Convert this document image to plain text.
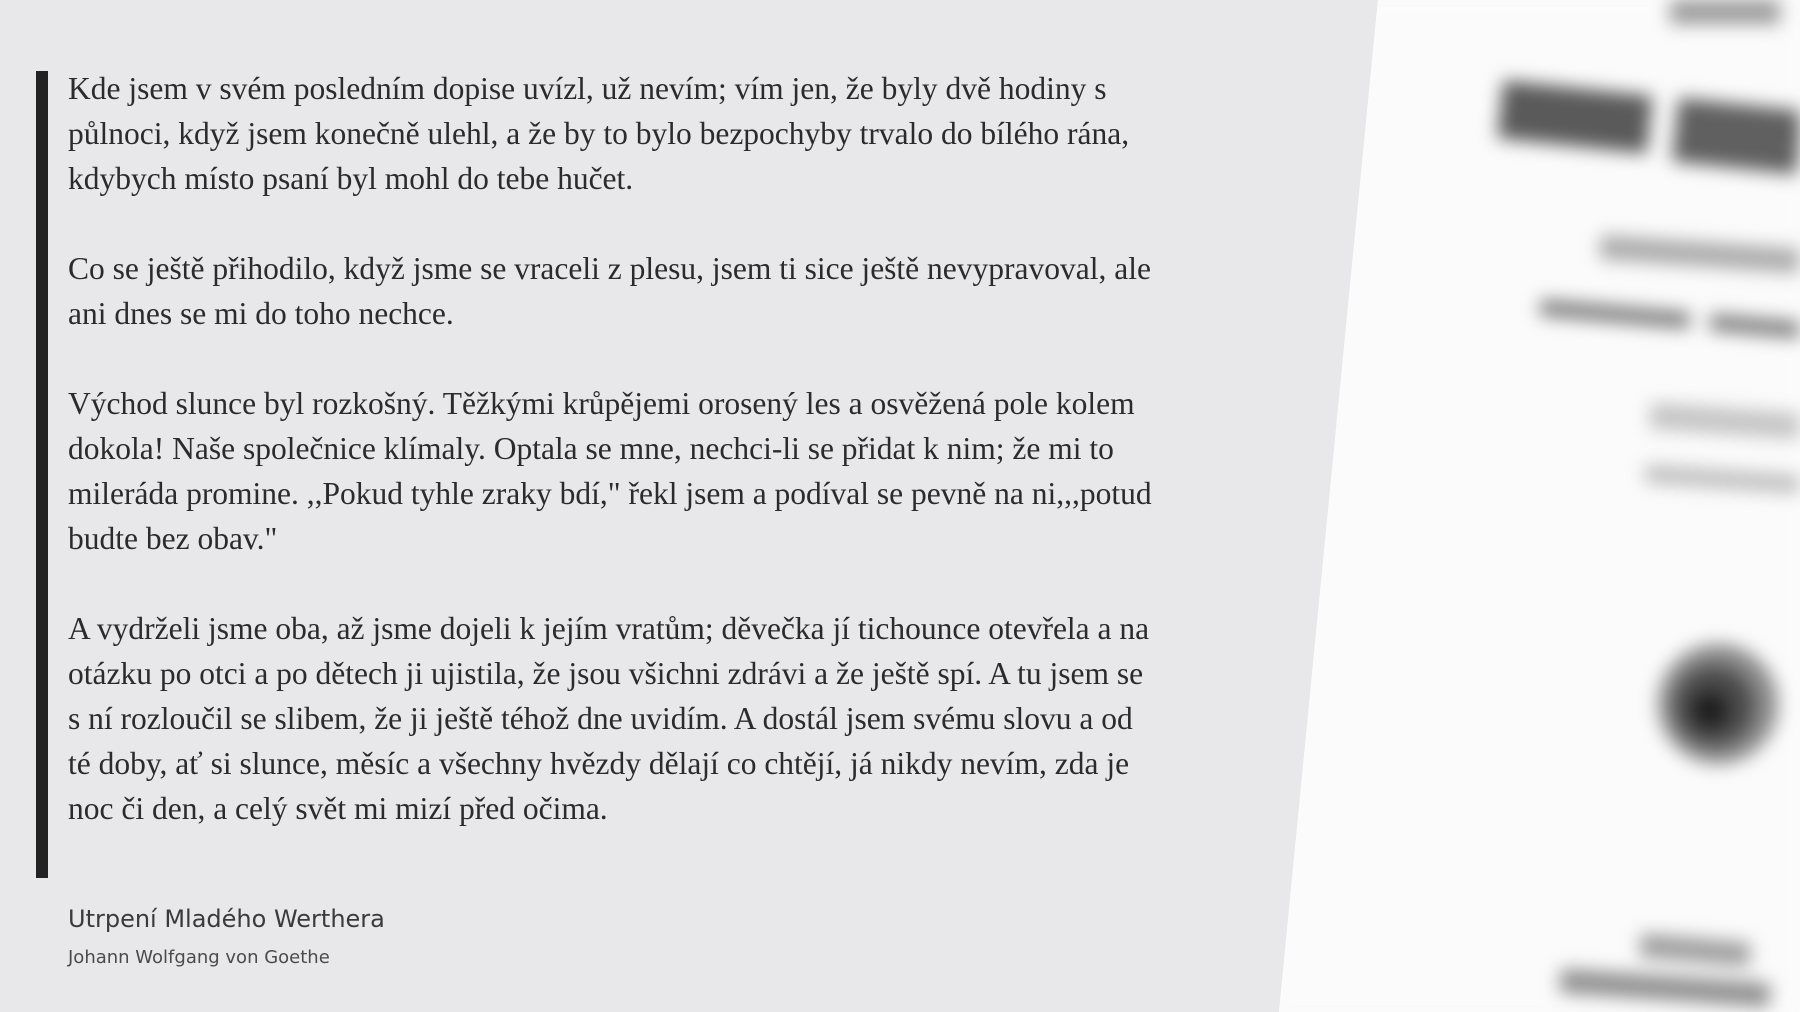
Kde jsem v svém posledním dopise uvízl, už nevím; vím jen, že byly dvě hodiny s půlnoci, když jsem konečně ulehl, a že by to bylo bezpochyby trvalo do bílého rána, kdybych místo psaní byl mohl do tebe hučet.

Co se ještě přihodilo, když jsme se vraceli z plesu, jsem ti sice ještě nevypravoval, ale ani dnes se mi do toho nechce.

Východ slunce byl rozkošný. Těžkými krůpějemi orosený les a osvěžená pole kolem dokola! Naše společnice klímaly. Optala se mne, nechci-li se přidat k nim; že mi to mileráda promine. ,,Pokud tyhle zraky bdí," řekl jsem a podíval se pevně na ni,,,potud budte bez obav."

A vydrželi jsme oba, až jsme dojeli k jejím vratům; děvečka jí tichounce otevřela a na otázku po otci a po dětech ji ujistila, že jsou všichni zdrávi a že ještě spí. A tu jsem se s ní rozloučil se slibem, že ji ještě téhož dne uvidím. A dostál jsem svému slovu a od té doby, ať si slunce, měsíc a všechny hvězdy dělají co chtějí, já nikdy nevím, zda je noc či den, a celý svět mi mizí před očima.

Utrpení Mladého Werthera
Johann Wolfgang von Goethe
